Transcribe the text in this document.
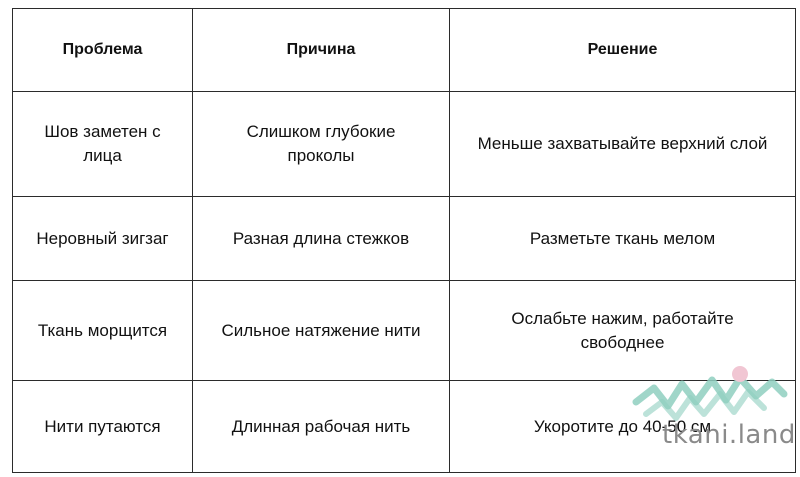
Проблема	Причина	Решение
Шов заметен с лица	Слишком глубокие проколы	Меньше захватывайте верхний слой
Неровный зигзаг	Разная длина стежков	Разметьте ткань мелом
Ткань морщится	Сильное натяжение нити	Ослабьте нажим, работайте свободнее
Нити путаются	Длинная рабочая нить	Укоротите до 40-50 см
tkani.land
